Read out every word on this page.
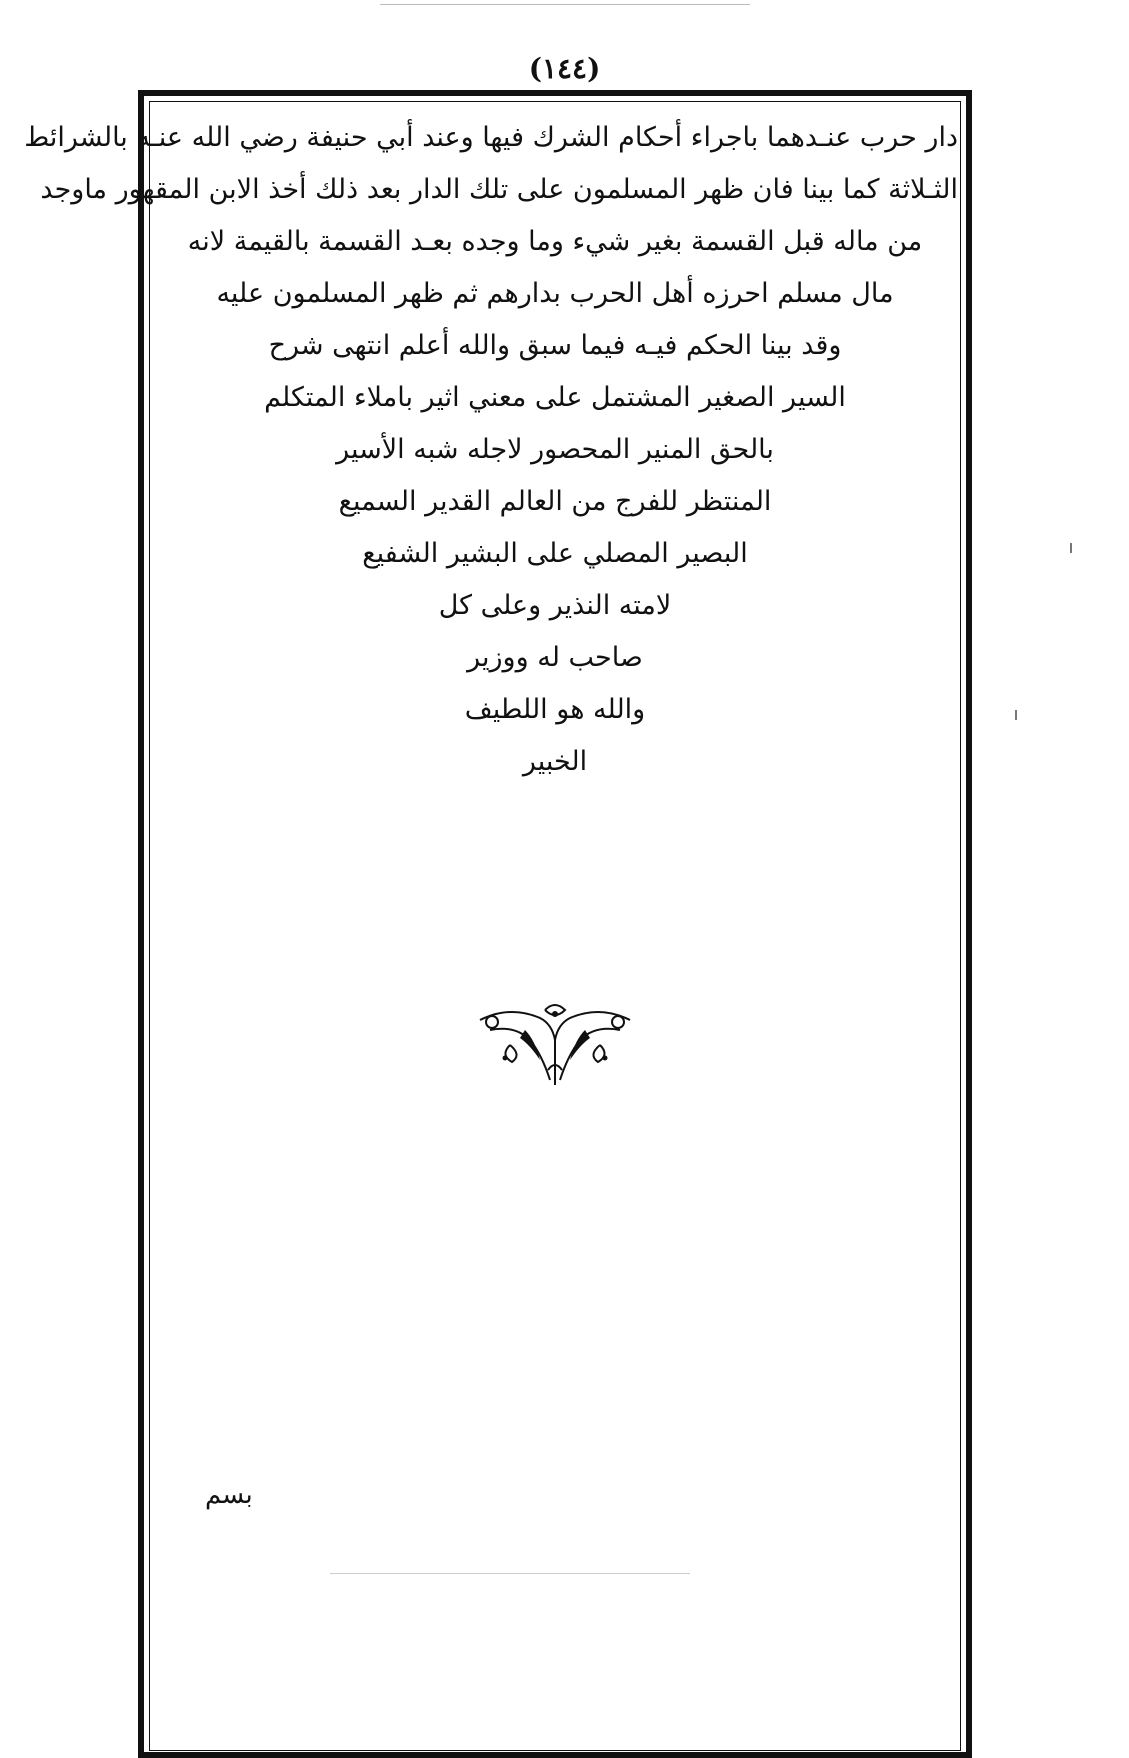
(١٤٤)
دار حرب عنـدهما باجراء أحكام الشرك فيها وعند أبي حنيفة رضي الله عنـه بالشرائط
الثـلاثة كما بينا فان ظهر المسلمون على تلك الدار بعد ذلك أخذ الابن المقهور ماوجد
من ماله قبل القسمة بغير شيء وما وجده بعـد القسمة بالقيمة لانه
مال مسلم احرزه أهل الحرب بدارهم ثم ظهر المسلمون عليه
وقد بينا الحكم فيـه فيما سبق والله أعلم انتهى شرح
السير الصغير المشتمل على معني اثير باملاء المتكلم
بالحق المنير المحصور لاجله شبه الأسير
المنتظر للفرج من العالم القدير السميع
البصير المصلي على البشير الشفيع
لامته النذير وعلى كل
صاحب له ووزير
والله هو اللطيف
الخبير
بسم
